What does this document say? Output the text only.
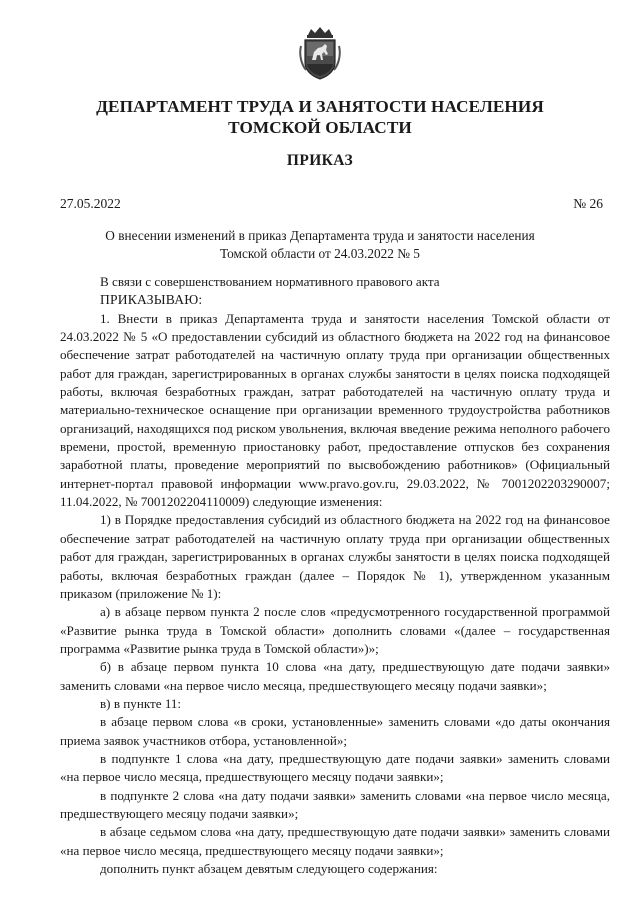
ДЕПАРТАМЕНТ ТРУДА И ЗАНЯТОСТИ НАСЕЛЕНИЯ
ТОМСКОЙ ОБЛАСТИ
ПРИКАЗ
27.05.2022	№ 26
О внесении изменений в приказ Департамента труда и занятости населения
Томской области от 24.03.2022 № 5

В связи с совершенствованием нормативного правового акта

ПРИКАЗЫВАЮ:

1. Внести в приказ Департамента труда и занятости населения Томской области от 24.03.2022 № 5 «О предоставлении субсидий из областного бюджета на 2022 год на финансовое обеспечение затрат работодателей на частичную оплату труда при организации общественных работ для граждан, зарегистрированных в органах службы занятости в целях поиска подходящей работы, включая безработных граждан, затрат работодателей на частичную оплату труда и материально-техническое оснащение при организации временного трудоустройства работников организаций, находящихся под риском увольнения, включая введение режима неполного рабочего времени, простой, временную приостановку работ, предоставление отпусков без сохранения заработной платы, проведение мероприятий по высвобождению работников» (Официальный интернет-портал правовой информации www.pravo.gov.ru, 29.03.2022, № 7001202203290007; 11.04.2022, № 7001202204110009) следующие изменения:

1) в Порядке предоставления субсидий из областного бюджета на 2022 год на финансовое обеспечение затрат работодателей на частичную оплату труда при организации общественных работ для граждан, зарегистрированных в органах службы занятости в целях поиска подходящей работы, включая безработных граждан (далее – Порядок № 1), утвержденном указанным приказом (приложение № 1):

а) в абзаце первом пункта 2 после слов «предусмотренного государственной программой «Развитие рынка труда в Томской области» дополнить словами «(далее – государственная программа «Развитие рынка труда в Томской области»)»;

б) в абзаце первом пункта 10 слова «на дату, предшествующую дате подачи заявки» заменить словами «на первое число месяца, предшествующего месяцу подачи заявки»;

в) в пункте 11:

в абзаце первом слова «в сроки, установленные» заменить словами «до даты окончания приема заявок участников отбора, установленной»;

в подпункте 1 слова «на дату, предшествующую дате подачи заявки» заменить словами «на первое число месяца, предшествующего месяцу подачи заявки»;

в подпункте 2 слова «на дату подачи заявки» заменить словами «на первое число месяца, предшествующего месяцу подачи заявки»;

в абзаце седьмом слова «на дату, предшествующую дате подачи заявки» заменить словами «на первое число месяца, предшествующего месяцу подачи заявки»;

дополнить пункт абзацем девятым следующего содержания:
